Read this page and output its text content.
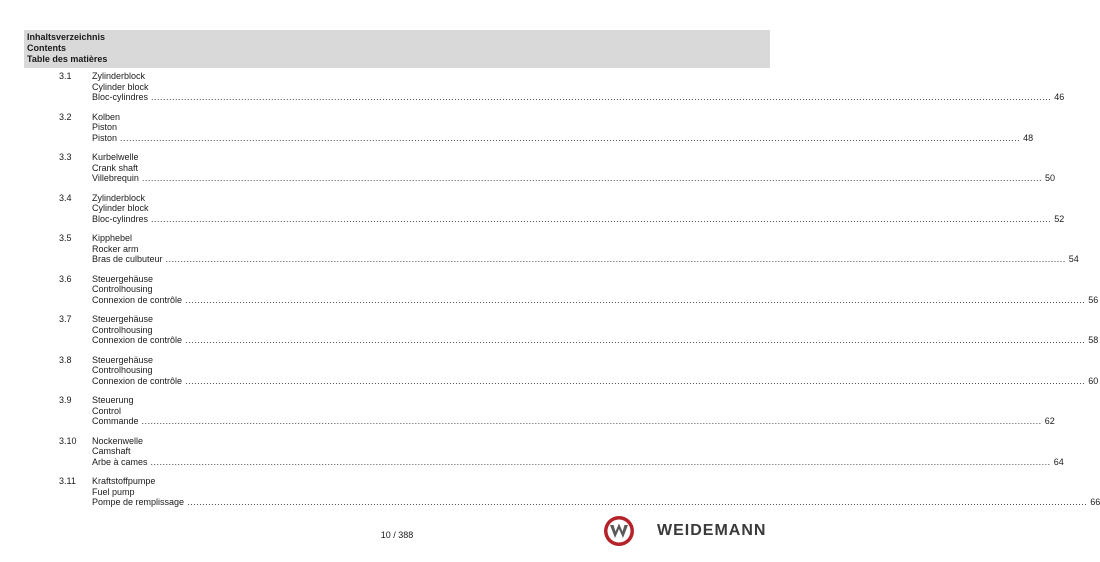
Inhaltsverzeichnis
Contents
Table des matières
3.1 Zylinderblock
Cylinder block
Bloc-cylindres ............................................................................................................................................................................................................................................................................................................ 46
3.2 Kolben
Piston
Piston ............................................................................................................................................................................................................................................................................................................ 48
3.3 Kurbelwelle
Crank shaft
Villebrequin ............................................................................................................................................................................................................................................................................................................ 50
3.4 Zylinderblock
Cylinder block
Bloc-cylindres ............................................................................................................................................................................................................................................................................................................ 52
3.5 Kipphebel
Rocker arm
Bras de culbuteur ............................................................................................................................................................................................................................................................................................................ 54
3.6 Steuergehäuse
Controlhousing
Connexion de contrôle ............................................................................................................................................................................................................................................................................................................ 56
3.7 Steuergehäuse
Controlhousing
Connexion de contrôle ............................................................................................................................................................................................................................................................................................................ 58
3.8 Steuergehäuse
Controlhousing
Connexion de contrôle ............................................................................................................................................................................................................................................................................................................ 60
3.9 Steuerung
Control
Commande ............................................................................................................................................................................................................................................................................................................ 62
3.10 Nockenwelle
Camshaft
Arbe à cames ............................................................................................................................................................................................................................................................................................................ 64
3.11 Kraftstoffpumpe
Fuel pump
Pompe de remplissage ............................................................................................................................................................................................................................................................................................................ 66
10 / 388	WEIDEMANN
